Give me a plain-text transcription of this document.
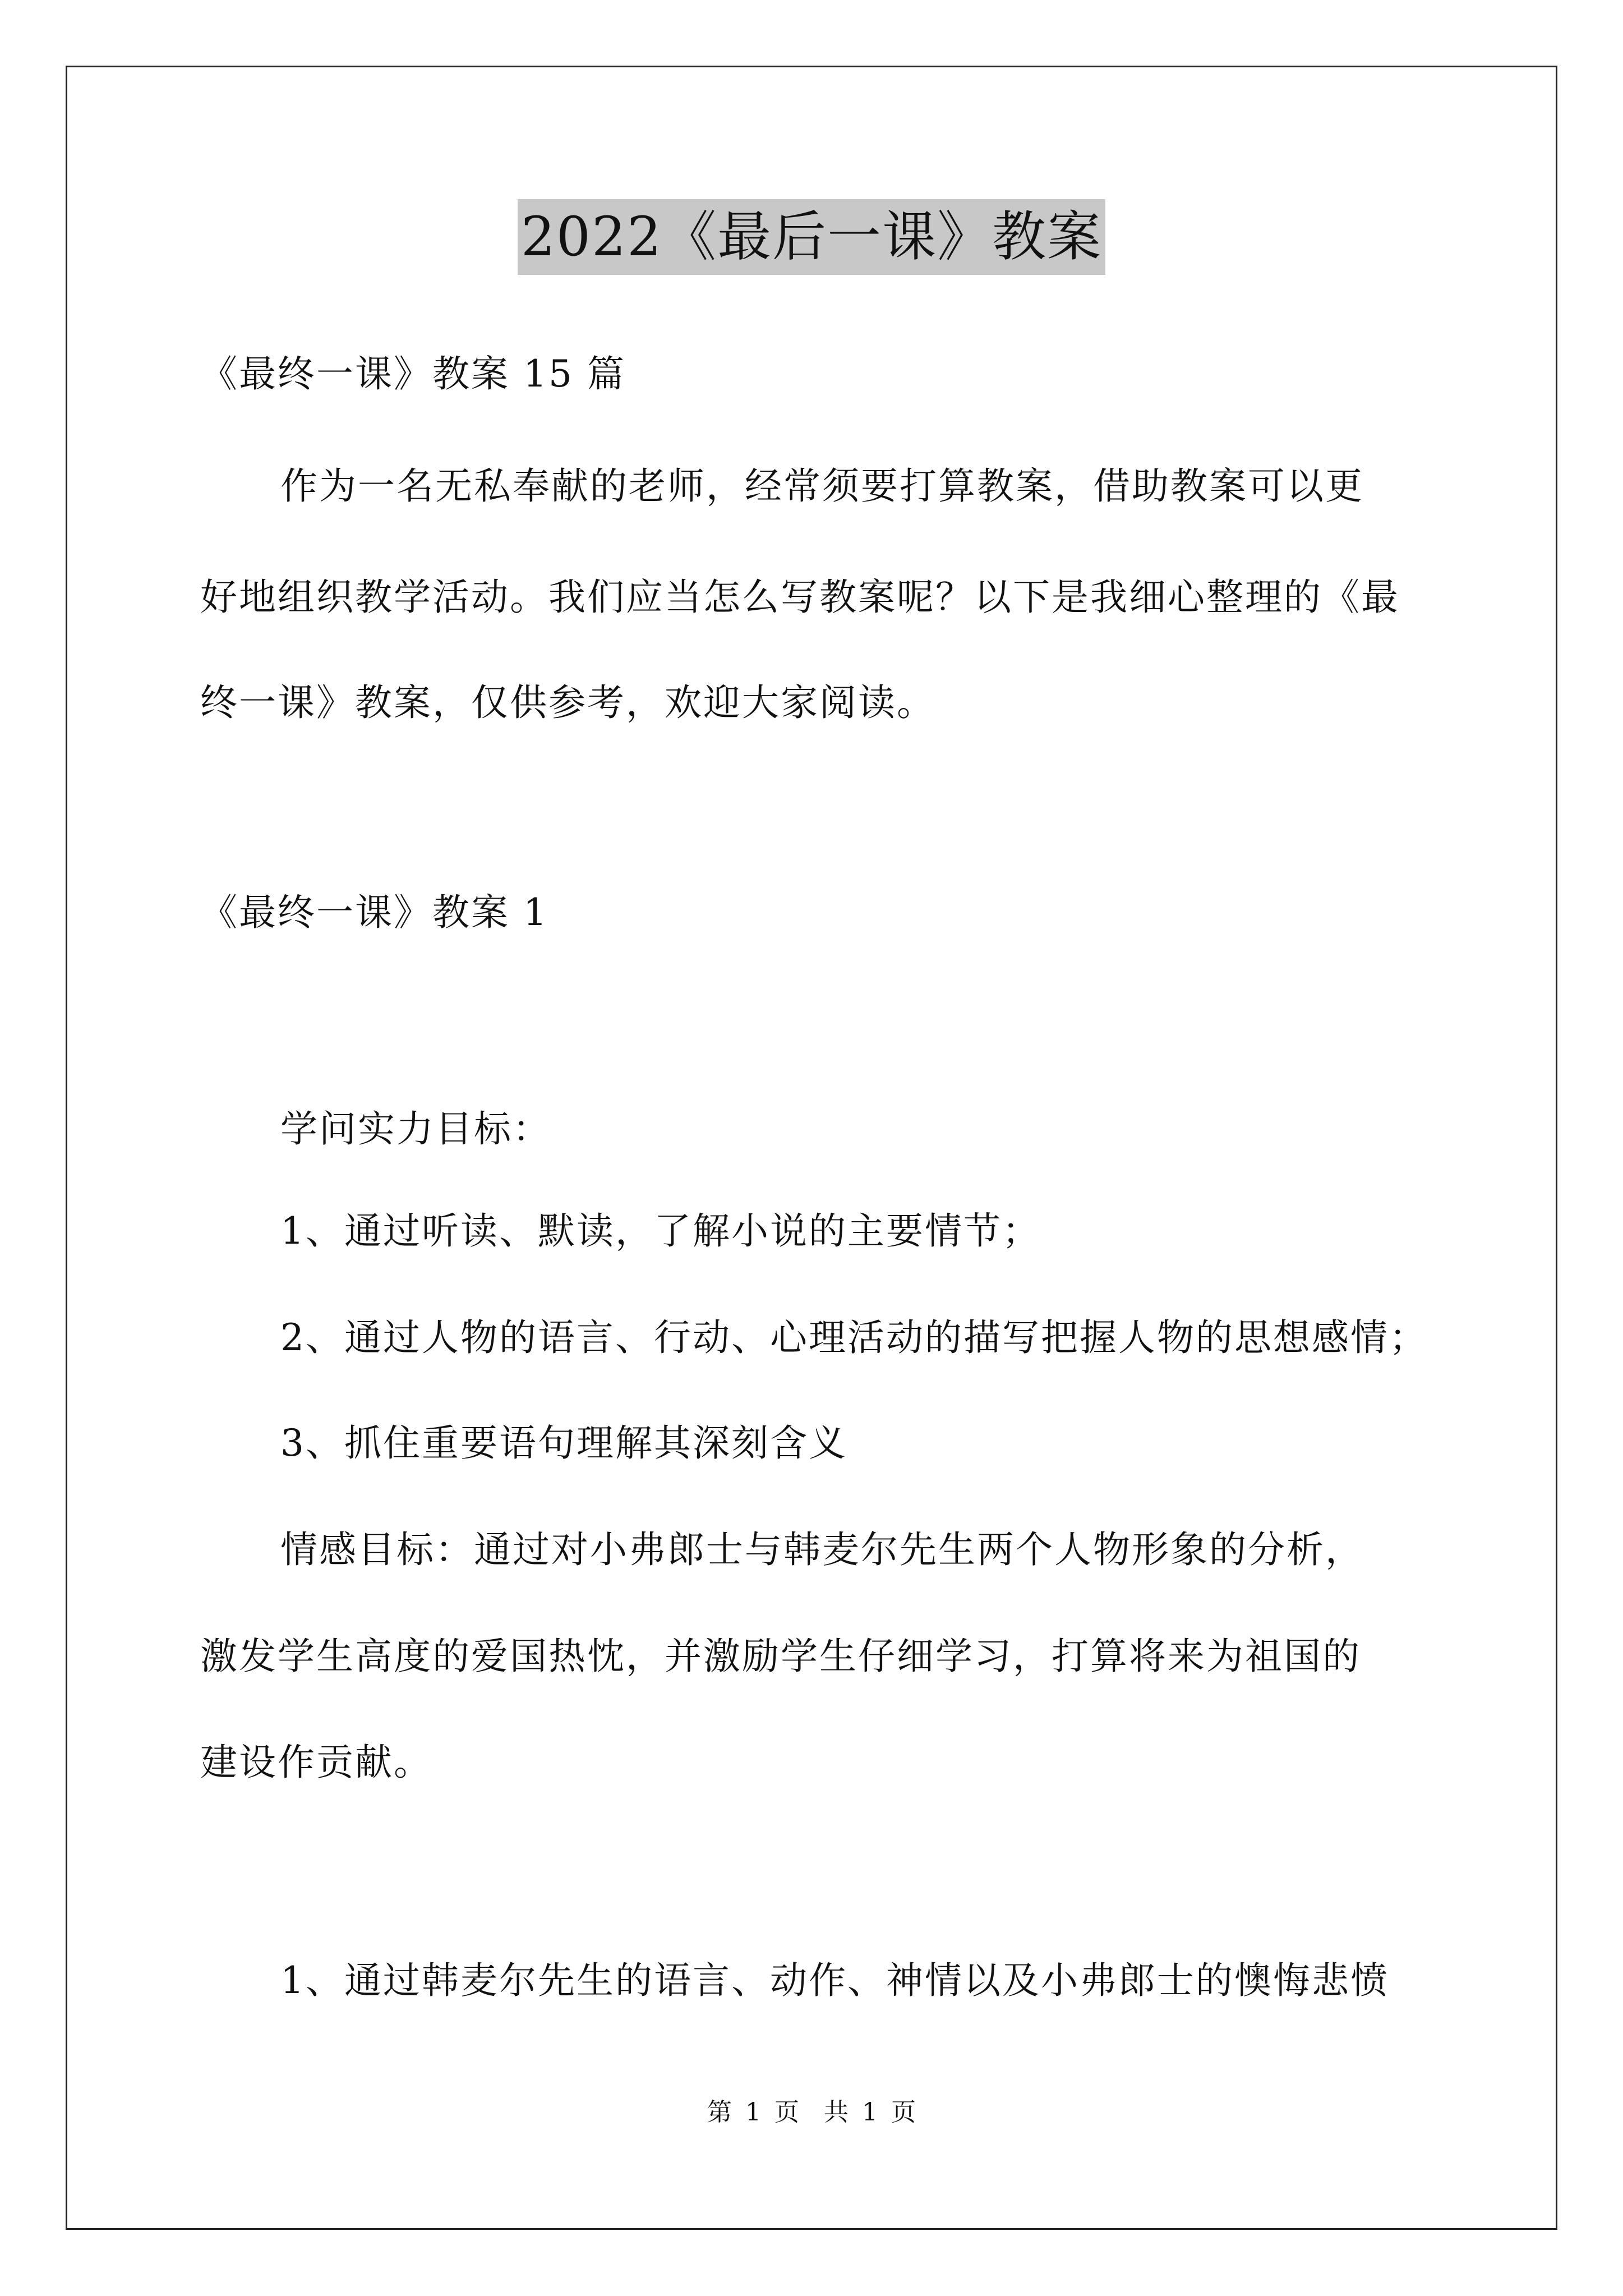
2022《最后一课》教案
《最终一课》教案 15 篇
作为一名无私奉献的老师，经常须要打算教案，借助教案可以更
好地组织教学活动。我们应当怎么写教案呢？以下是我细心整理的《最
终一课》教案，仅供参考，欢迎大家阅读。
《最终一课》教案 1
学问实力目标：
1、通过听读、默读，了解小说的主要情节；
2、通过人物的语言、行动、心理活动的描写把握人物的思想感情；
3、抓住重要语句理解其深刻含义
情感目标：通过对小弗郎士与韩麦尔先生两个人物形象的分析，
激发学生高度的爱国热忱，并激励学生仔细学习，打算将来为祖国的
建设作贡献。
1、通过韩麦尔先生的语言、动作、神情以及小弗郎士的懊悔悲愤
第 1 页　共 1 页
